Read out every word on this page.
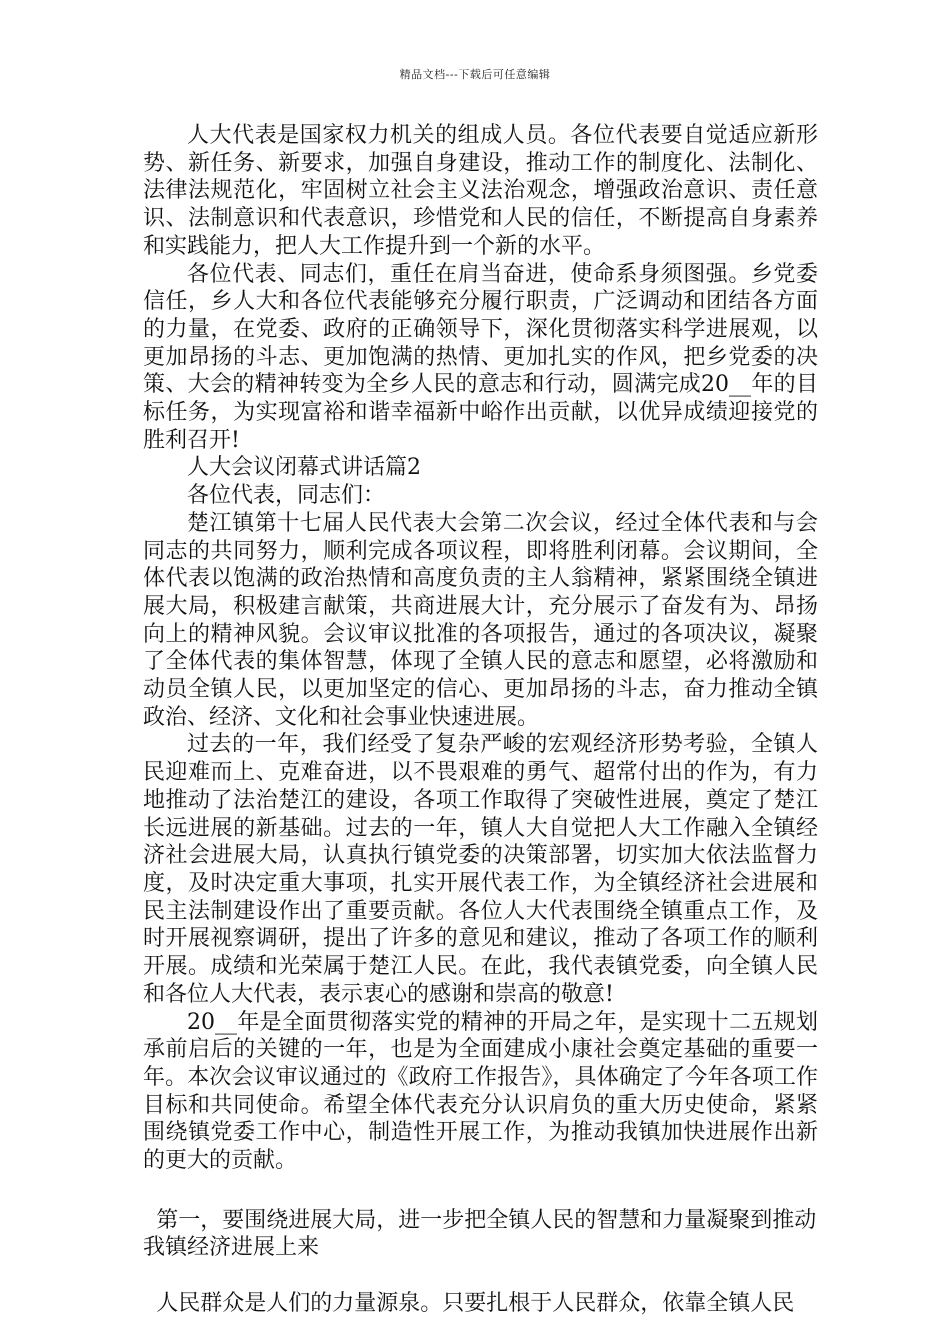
精品文档---下载后可任意编辑

人大代表是国家权力机关的组成人员。各位代表要自觉适应新形势、新任务、新要求，加强自身建设，推动工作的制度化、法制化、法律法规范化，牢固树立社会主义法治观念，增强政治意识、责任意识、法制意识和代表意识，珍惜党和人民的信任，不断提高自身素养和实践能力，把人大工作提升到一个新的水平。

各位代表、同志们，重任在肩当奋进，使命系身须图强。乡党委信任，乡人大和各位代表能够充分履行职责，广泛调动和团结各方面的力量，在党委、政府的正确领导下，深化贯彻落实科学进展观，以更加昂扬的斗志、更加饱满的热情、更加扎实的作风，把乡党委的决策、大会的精神转变为全乡人民的意志和行动，圆满完成20__年的目标任务，为实现富裕和谐幸福新中峪作出贡献，以优异成绩迎接党的胜利召开!

人大会议闭幕式讲话篇2

各位代表，同志们：

楚江镇第十七届人民代表大会第二次会议，经过全体代表和与会同志的共同努力，顺利完成各项议程，即将胜利闭幕。会议期间，全体代表以饱满的政治热情和高度负责的主人翁精神，紧紧围绕全镇进展大局，积极建言献策，共商进展大计，充分展示了奋发有为、昂扬向上的精神风貌。会议审议批准的各项报告，通过的各项决议，凝聚了全体代表的集体智慧，体现了全镇人民的意志和愿望，必将激励和动员全镇人民，以更加坚定的信心、更加昂扬的斗志，奋力推动全镇政治、经济、文化和社会事业快速进展。

过去的一年，我们经受了复杂严峻的宏观经济形势考验，全镇人民迎难而上、克难奋进，以不畏艰难的勇气、超常付出的作为，有力地推动了法治楚江的建设，各项工作取得了突破性进展，奠定了楚江长远进展的新基础。过去的一年，镇人大自觉把人大工作融入全镇经济社会进展大局，认真执行镇党委的决策部署，切实加大依法监督力度，及时决定重大事项，扎实开展代表工作，为全镇经济社会进展和民主法制建设作出了重要贡献。各位人大代表围绕全镇重点工作，及时开展视察调研，提出了许多的意见和建议，推动了各项工作的顺利开展。成绩和光荣属于楚江人民。在此，我代表镇党委，向全镇人民和各位人大代表，表示衷心的感谢和崇高的敬意!

20__年是全面贯彻落实党的精神的开局之年，是实现十二五规划承前启后的关键的一年，也是为全面建成小康社会奠定基础的重要一年。本次会议审议通过的《政府工作报告》，具体确定了今年各项工作目标和共同使命。希望全体代表充分认识肩负的重大历史使命，紧紧围绕镇党委工作中心，制造性开展工作，为推动我镇加快进展作出新的更大的贡献。

第一，要围绕进展大局，进一步把全镇人民的智慧和力量凝聚到推动我镇经济进展上来

人民群众是人们的力量源泉。只要扎根于人民群众，依靠全镇人民
